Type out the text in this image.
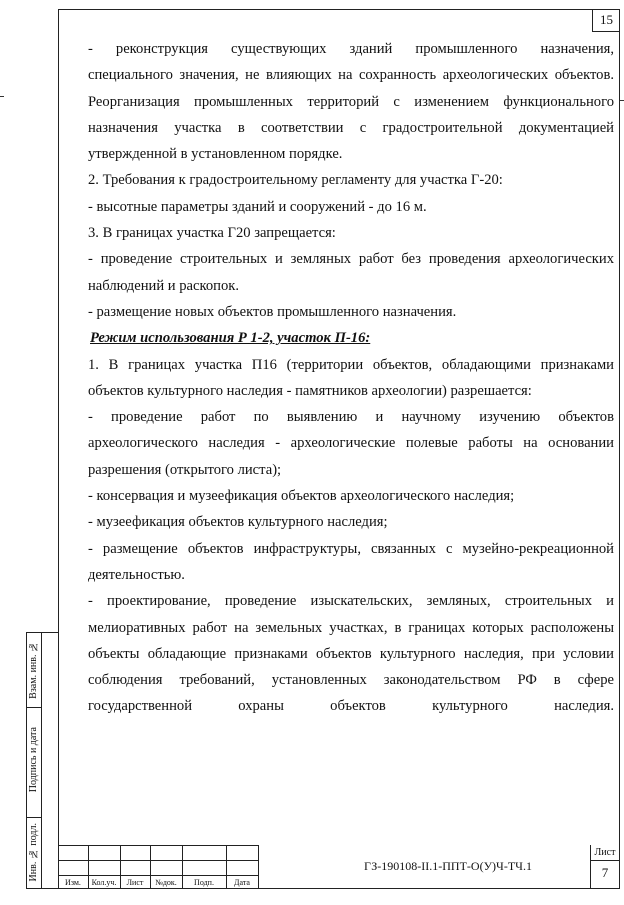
15
- реконструкция существующих зданий промышленного назначения,
специального значения, не влияющих на сохранность археологических объектов.
Реорганизация промышленных территорий с изменением функционального
назначения участка в соответствии с градостроительной документацией
утвержденной в установленном порядке.
2. Требования к градостроительному регламенту для участка Г-20:
- высотные параметры зданий и сооружений - до 16 м.
3. В границах участка Г20 запрещается:
- проведение строительных и земляных работ без проведения археологических
наблюдений и раскопок.
- размещение новых объектов промышленного назначения.
Режим использования Р 1-2, участок П-16:
1. В границах участка П16 (территории объектов, обладающими признаками
объектов культурного наследия - памятников археологии) разрешается:
- проведение работ по выявлению и научному изучению объектов
археологического наследия - археологические полевые работы на основании
разрешения (открытого листа);
- консервация и музеефикация объектов археологического наследия;
- музеефикация объектов культурного наследия;
- размещение объектов инфраструктуры, связанных с музейно-рекреационной
деятельностью.
- проектирование, проведение изыскательских, земляных, строительных и
мелиоративных работ на земельных участках, в границах которых расположены
объекты обладающие признаками объектов культурного наследия, при условии
соблюдения требований, установленных законодательством РФ в сфере
государственной охраны объектов культурного наследия.
Взам. инв. №
Подпись и дата
Инв. № подл.
Изм.	Кол.уч.	Лист	№док.	Подп.	Дата
ГЗ-190108-II.1-ППТ-О(У)Ч-ТЧ.1
Лист
7
